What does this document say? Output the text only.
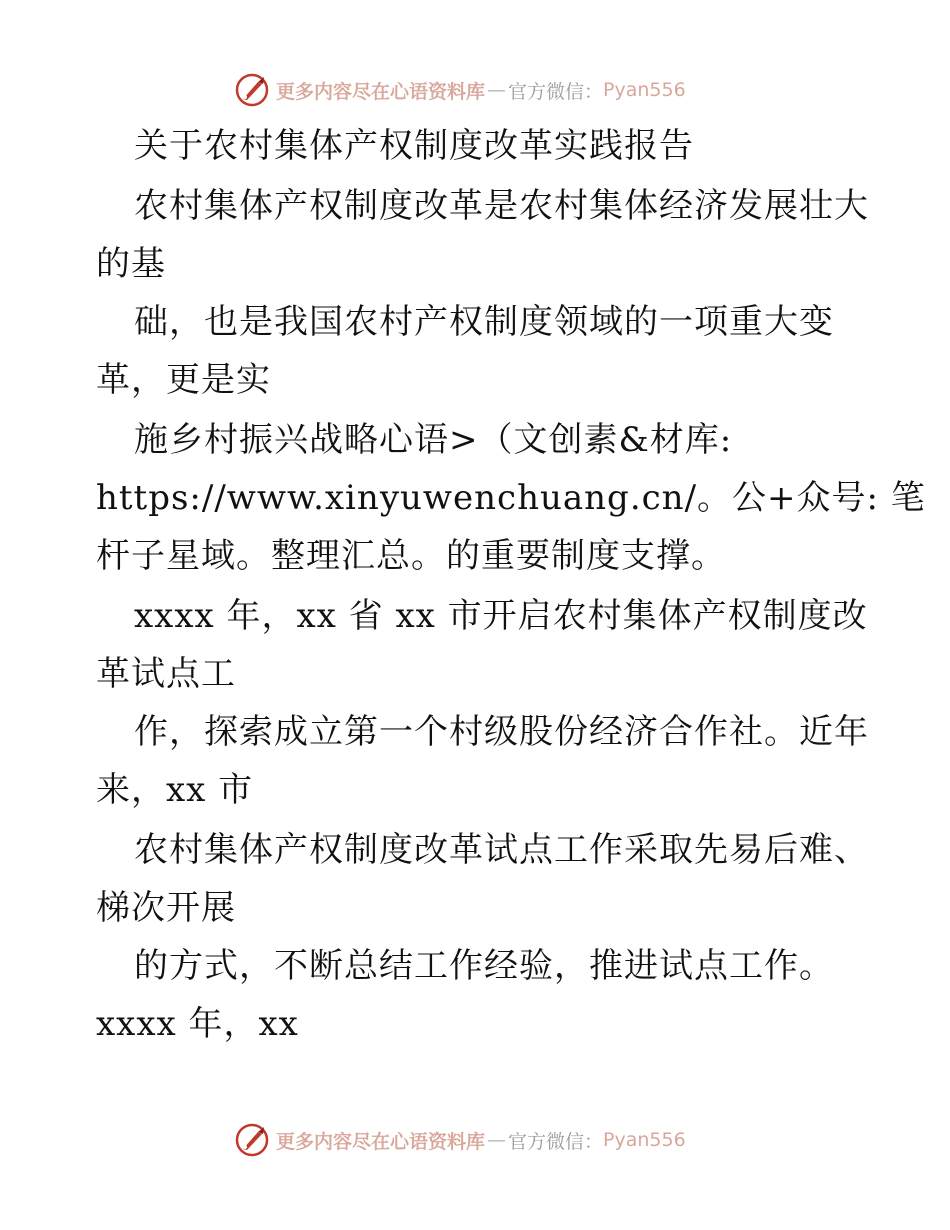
更多内容尽在心语资料库 — 官方微信： Pyan556

关于农村集体产权制度改革实践报告

农村集体产权制度改革是农村集体经济发展壮大

的基

础，也是我国农村产权制度领域的一项重大变

革，更是实

施乡村振兴战略心语>（文创素&材库:

https://www.xinyuwenchuang.cn/。公+众号: 笔

杆子星域。整理汇总。的重要制度支撑。

xxxx 年，xx 省 xx 市开启农村集体产权制度改

革试点工

作，探索成立第一个村级股份经济合作社。近年

来，xx 市

农村集体产权制度改革试点工作采取先易后难、

梯次开展

的方式，不断总结工作经验，推进试点工作。

xxxx 年，xx

更多内容尽在心语资料库 — 官方微信： Pyan556
